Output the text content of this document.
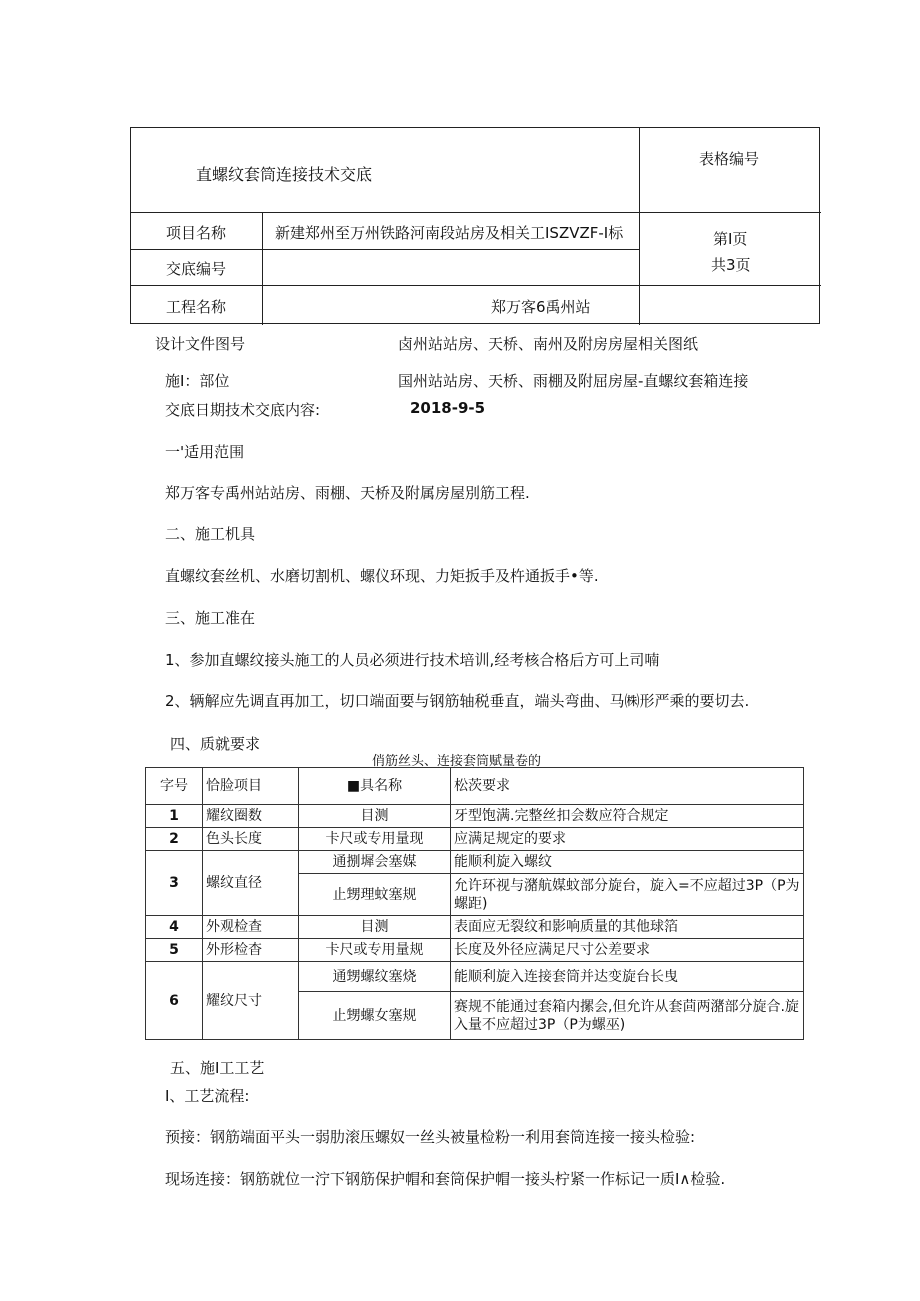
直螺纹套筒连接技术交底
表格编号
项目名称	新建郑州至万州铁路河南段站房及相关工ISZVZF-I标	第I页
共3页
交底编号
工程名称	郑万客6禹州站
设计文件图号	卤州站站房、天桥、南州及附房房屋相关图纸
施I：部位	国州站站房、天桥、雨棚及附屈房屋-直螺纹套箱连接
交底日期技术交底内容:	2018-9-5
一'适用范围
郑万客专禹州站站房、雨棚、天桥及附属房屋別筋工程.
二、施工机具
直螺纹套丝机、水磨切割机、螺仪环现、力矩扳手及杵通扳手•等.
三、施工准在
1、参加直螺纹接头施工的人员必须进行技术培训,经考核合格后方可上司喃
2、辆解应先调直再加工，切口端面要与钢筋轴税垂直，端头弯曲、马㈱形严乘的要切去.
四、质就要求
俏筋丝头、连接套筒赋量卷的
字号	恰脸项目	■具名称	松茨要求
1	耀纹圈数	目测	牙型饱满.完整丝扣会数应符合规定
2	色头长度	卡尺或专用量现	应满足规定的要求
3	螺纹直径	通捌墀会塞媒	能顺利旋入螺纹
		止甥理蚊塞规	允许环视与潴航媒蚊部分旋台，旋入=不应超过3P（P为螺距)
4	外观检查	目测	表面应无裂纹和影响质量的其他球箔
5	外形检杳	卡尺或专用量规	长度及外径应满足尺寸公差要求
6	耀纹尺寸	通甥螺纹塞烧	能顺利旋入连接套筒并达变旋台长曳
		止甥螺女塞规	赛规不能通过套箱内摞会,但允许从套茴两潴部分旋合.旋入量不应超过3P（P为螺巫)
五、施I工工艺
I、工艺流程:
预接：钢筋端面平头一弱肋滚压螺奴一丝头被量检粉一利用套筒连接一接头检验:
现场连接：钢筋就位一泞下钢筋保护帽和套筒保护帽一接头柠紧一作标记一质I∧检验.
